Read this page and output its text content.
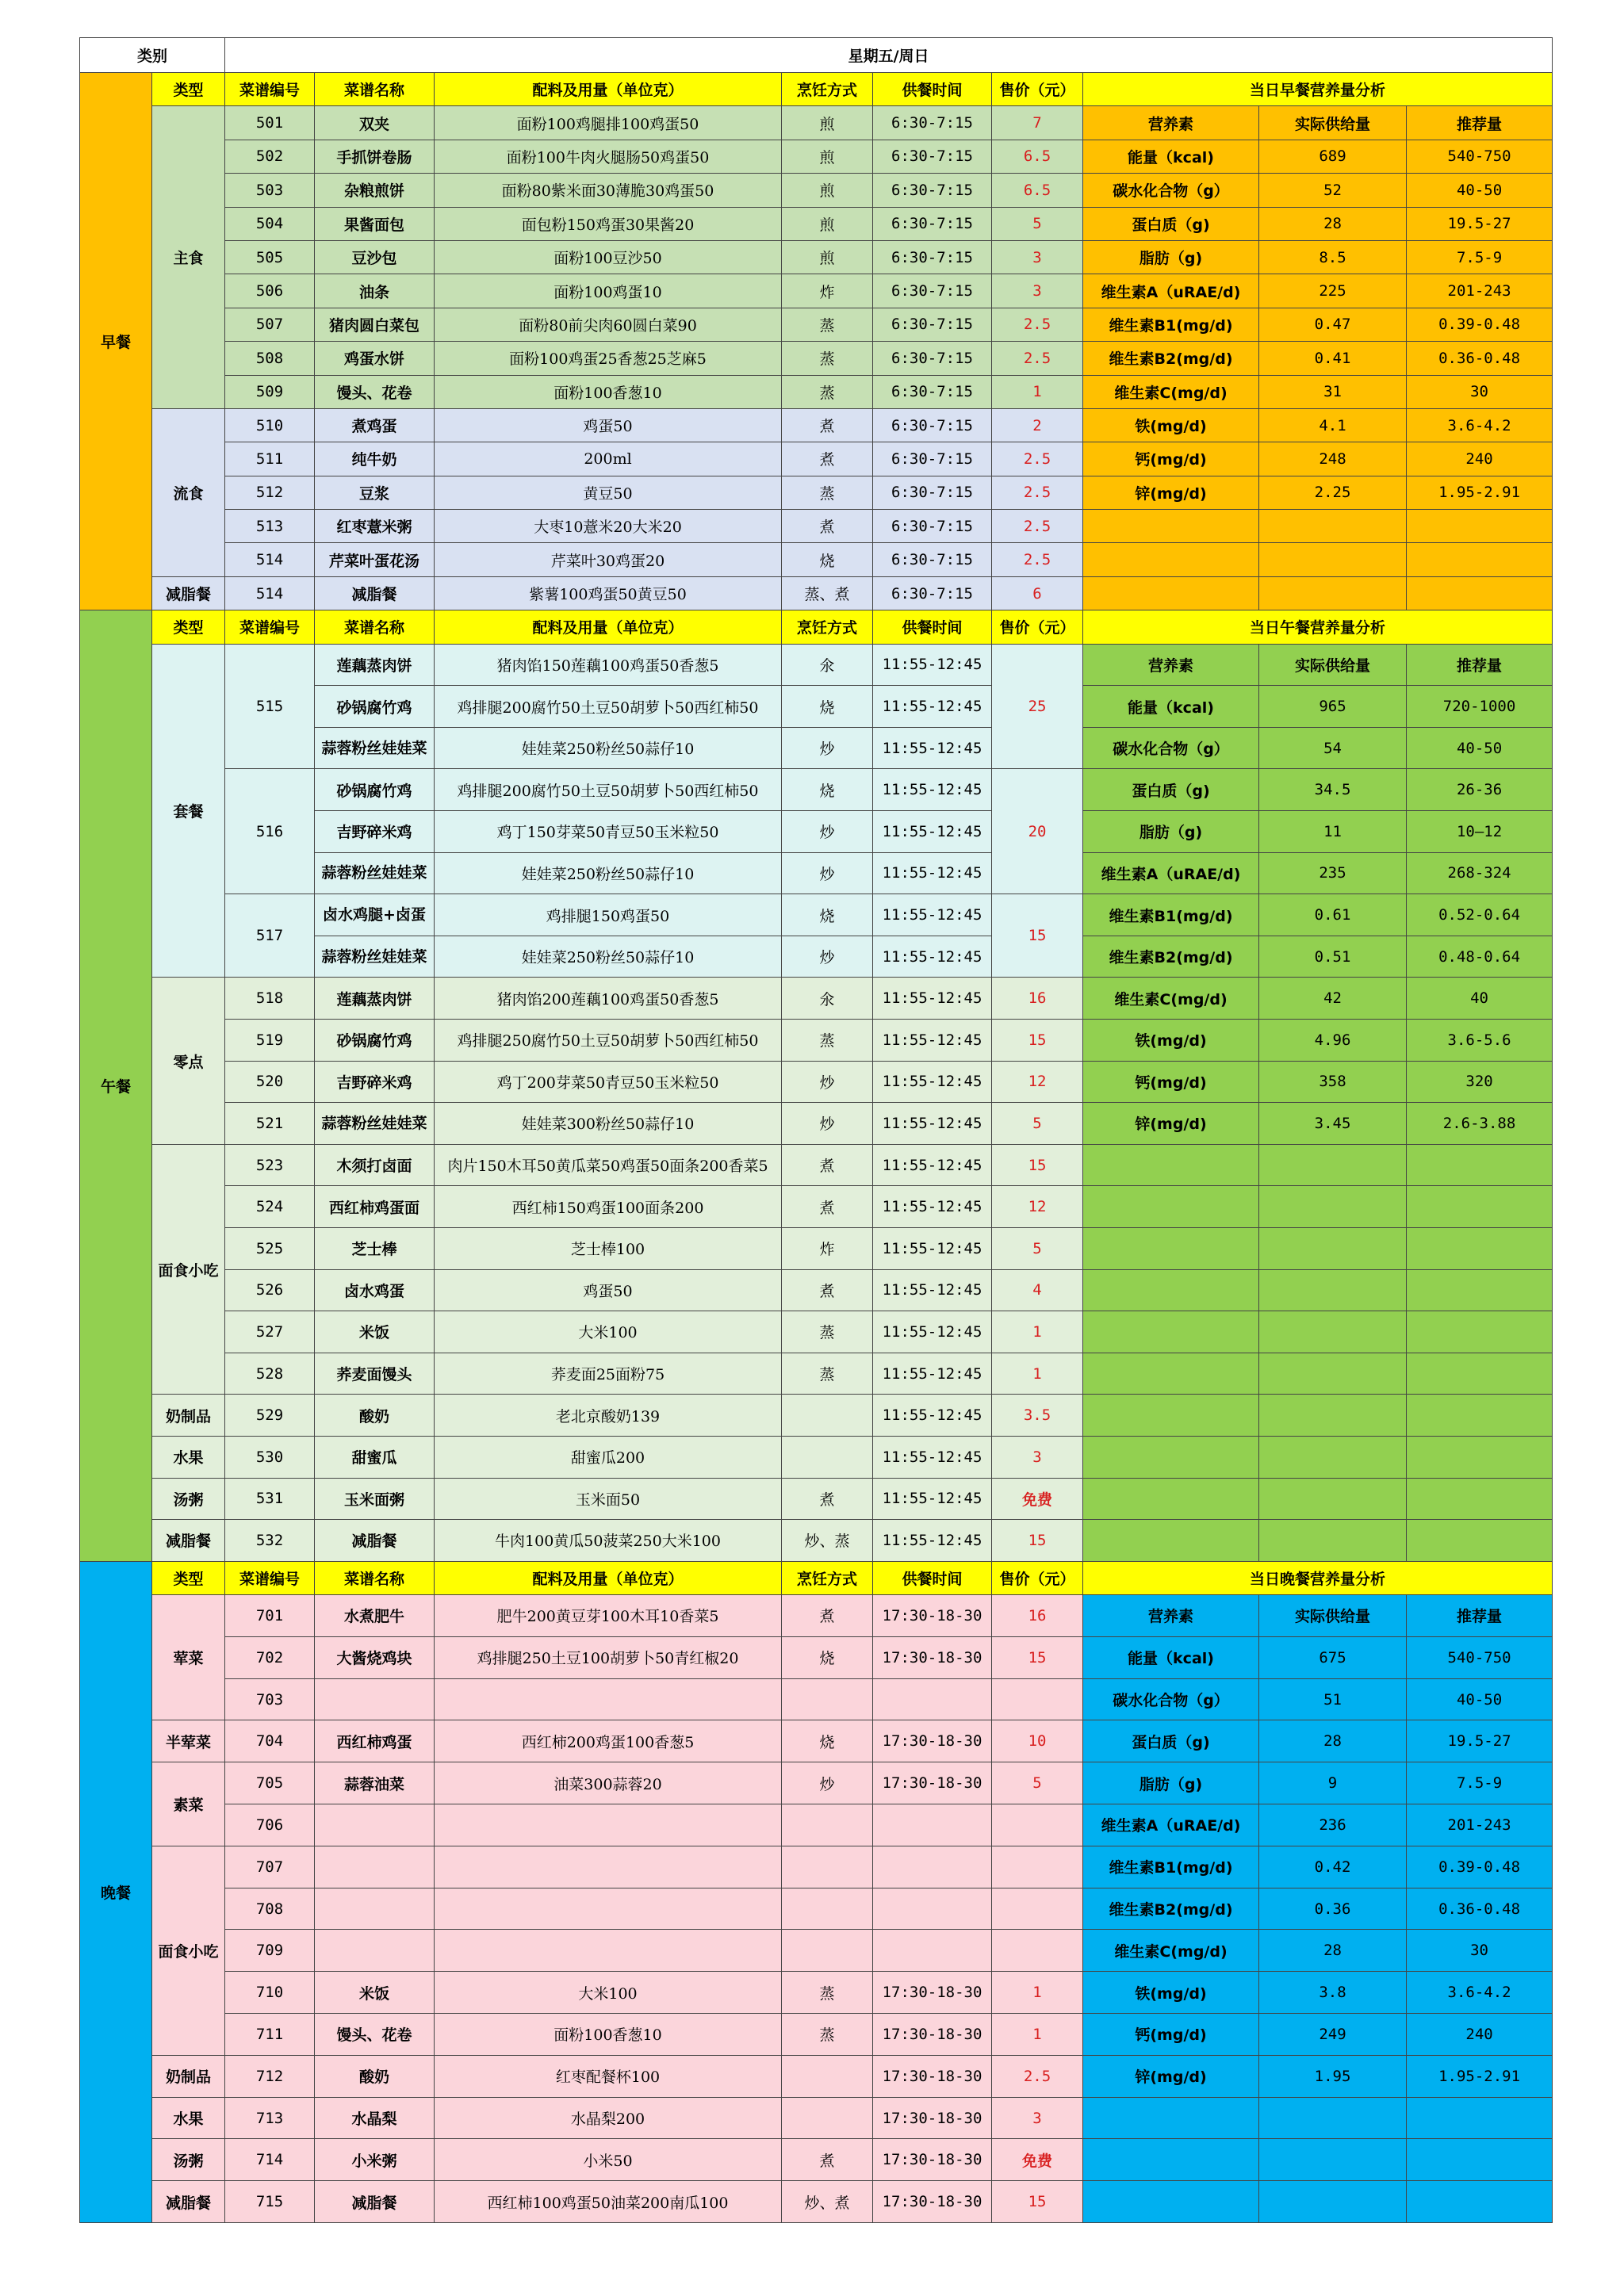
类别		星期五/周日								
早餐	类型	菜谱编号	菜谱名称	配料及用量（单位克）	烹饪方式	供餐时间	售价（元）	当日早餐营养量分析		
	主食	501	双夹	面粉100鸡腿排100鸡蛋50	煎	6:30-7:15	7	营养素	实际供给量	推荐量
		502	手抓饼卷肠	面粉100牛肉火腿肠50鸡蛋50	煎	6:30-7:15	6.5	能量（kcal)	689	540-750
		503	杂粮煎饼	面粉80紫米面30薄脆30鸡蛋50	煎	6:30-7:15	6.5	碳水化合物（g）	52	40-50
		504	果酱面包	面包粉150鸡蛋30果酱20	煎	6:30-7:15	5	蛋白质（g)	28	19.5-27
		505	豆沙包	面粉100豆沙50	煎	6:30-7:15	3	脂肪（g)	8.5	7.5-9
		506	油条	面粉100鸡蛋10	炸	6:30-7:15	3	维生素A（uRAE/d)	225	201-243
		507	猪肉圆白菜包	面粉80前尖肉60圆白菜90	蒸	6:30-7:15	2.5	维生素B1(mg/d)	0.47	0.39-0.48
		508	鸡蛋水饼	面粉100鸡蛋25香葱25芝麻5	蒸	6:30-7:15	2.5	维生素B2(mg/d)	0.41	0.36-0.48
		509	馒头、花卷	面粉100香葱10	蒸	6:30-7:15	1	维生素C(mg/d)	31	30
	流食	510	煮鸡蛋	鸡蛋50	煮	6:30-7:15	2	铁(mg/d)	4.1	3.6-4.2
		511	纯牛奶	200ml	煮	6:30-7:15	2.5	钙(mg/d)	248	240
		512	豆浆	黄豆50	蒸	6:30-7:15	2.5	锌(mg/d)	2.25	1.95-2.91
		513	红枣薏米粥	大枣10薏米20大米20	煮	6:30-7:15	2.5			
		514	芹菜叶蛋花汤	芹菜叶30鸡蛋20	烧	6:30-7:15	2.5			
	减脂餐	514	减脂餐	紫薯100鸡蛋50黄豆50	蒸、煮	6:30-7:15	6			
午餐	类型	菜谱编号	菜谱名称	配料及用量（单位克）	烹饪方式	供餐时间	售价（元）	当日午餐营养量分析		
	套餐	515	莲藕蒸肉饼	猪肉馅150莲藕100鸡蛋50香葱5	氽	11:55-12:45	25	营养素	实际供给量	推荐量
			砂锅腐竹鸡	鸡排腿200腐竹50土豆50胡萝卜50西红柿50	烧	11:55-12:45		能量（kcal)	965	720-1000
			蒜蓉粉丝娃娃菜	娃娃菜250粉丝50蒜仔10	炒	11:55-12:45		碳水化合物（g）	54	40-50
		516	砂锅腐竹鸡	鸡排腿200腐竹50土豆50胡萝卜50西红柿50	烧	11:55-12:45	20	蛋白质（g)	34.5	26-36
			吉野碎米鸡	鸡丁150芽菜50青豆50玉米粒50	炒	11:55-12:45		脂肪（g)	11	10—12
			蒜蓉粉丝娃娃菜	娃娃菜250粉丝50蒜仔10	炒	11:55-12:45		维生素A（uRAE/d)	235	268-324
		517	卤水鸡腿+卤蛋	鸡排腿150鸡蛋50	烧	11:55-12:45	15	维生素B1(mg/d)	0.61	0.52-0.64
			蒜蓉粉丝娃娃菜	娃娃菜250粉丝50蒜仔10	炒	11:55-12:45		维生素B2(mg/d)	0.51	0.48-0.64
	零点	518	莲藕蒸肉饼	猪肉馅200莲藕100鸡蛋50香葱5	氽	11:55-12:45	16	维生素C(mg/d)	42	40
		519	砂锅腐竹鸡	鸡排腿250腐竹50土豆50胡萝卜50西红柿50	蒸	11:55-12:45	15	铁(mg/d)	4.96	3.6-5.6
		520	吉野碎米鸡	鸡丁200芽菜50青豆50玉米粒50	炒	11:55-12:45	12	钙(mg/d)	358	320
		521	蒜蓉粉丝娃娃菜	娃娃菜300粉丝50蒜仔10	炒	11:55-12:45	5	锌(mg/d)	3.45	2.6-3.88
	面食小吃	523	木须打卤面	肉片150木耳50黄瓜菜50鸡蛋50面条200香菜5	煮	11:55-12:45	15			
		524	西红柿鸡蛋面	西红柿150鸡蛋100面条200	煮	11:55-12:45	12			
		525	芝士棒	芝士棒100	炸	11:55-12:45	5			
		526	卤水鸡蛋	鸡蛋50	煮	11:55-12:45	4			
		527	米饭	大米100	蒸	11:55-12:45	1			
		528	荞麦面馒头	荞麦面25面粉75	蒸	11:55-12:45	1			
	奶制品	529	酸奶	老北京酸奶139		11:55-12:45	3.5			
	水果	530	甜蜜瓜	甜蜜瓜200		11:55-12:45	3			
	汤粥	531	玉米面粥	玉米面50	煮	11:55-12:45	免费			
	减脂餐	532	减脂餐	牛肉100黄瓜50菠菜250大米100	炒、蒸	11:55-12:45	15			
晚餐	类型	菜谱编号	菜谱名称	配料及用量（单位克）	烹饪方式	供餐时间	售价（元）	当日晚餐营养量分析		
	荤菜	701	水煮肥牛	肥牛200黄豆芽100木耳10香菜5	煮	17:30-18-30	16	营养素	实际供给量	推荐量
		702	大酱烧鸡块	鸡排腿250土豆100胡萝卜50青红椒20	烧	17:30-18-30	15	能量（kcal)	675	540-750
		703						碳水化合物（g）	51	40-50
	半荤菜	704	西红柿鸡蛋	西红柿200鸡蛋100香葱5	烧	17:30-18-30	10	蛋白质（g)	28	19.5-27
	素菜	705	蒜蓉油菜	油菜300蒜蓉20	炒	17:30-18-30	5	脂肪（g)	9	7.5-9
		706						维生素A（uRAE/d)	236	201-243
	面食小吃	707						维生素B1(mg/d)	0.42	0.39-0.48
		708						维生素B2(mg/d)	0.36	0.36-0.48
		709						维生素C(mg/d)	28	30
		710	米饭	大米100	蒸	17:30-18-30	1	铁(mg/d)	3.8	3.6-4.2
		711	馒头、花卷	面粉100香葱10	蒸	17:30-18-30	1	钙(mg/d)	249	240
	奶制品	712	酸奶	红枣配餐杯100		17:30-18-30	2.5	锌(mg/d)	1.95	1.95-2.91
	水果	713	水晶梨	水晶梨200		17:30-18-30	3			
	汤粥	714	小米粥	小米50	煮	17:30-18-30	免费			
	减脂餐	715	减脂餐	西红柿100鸡蛋50油菜200南瓜100	炒、煮	17:30-18-30	15			
